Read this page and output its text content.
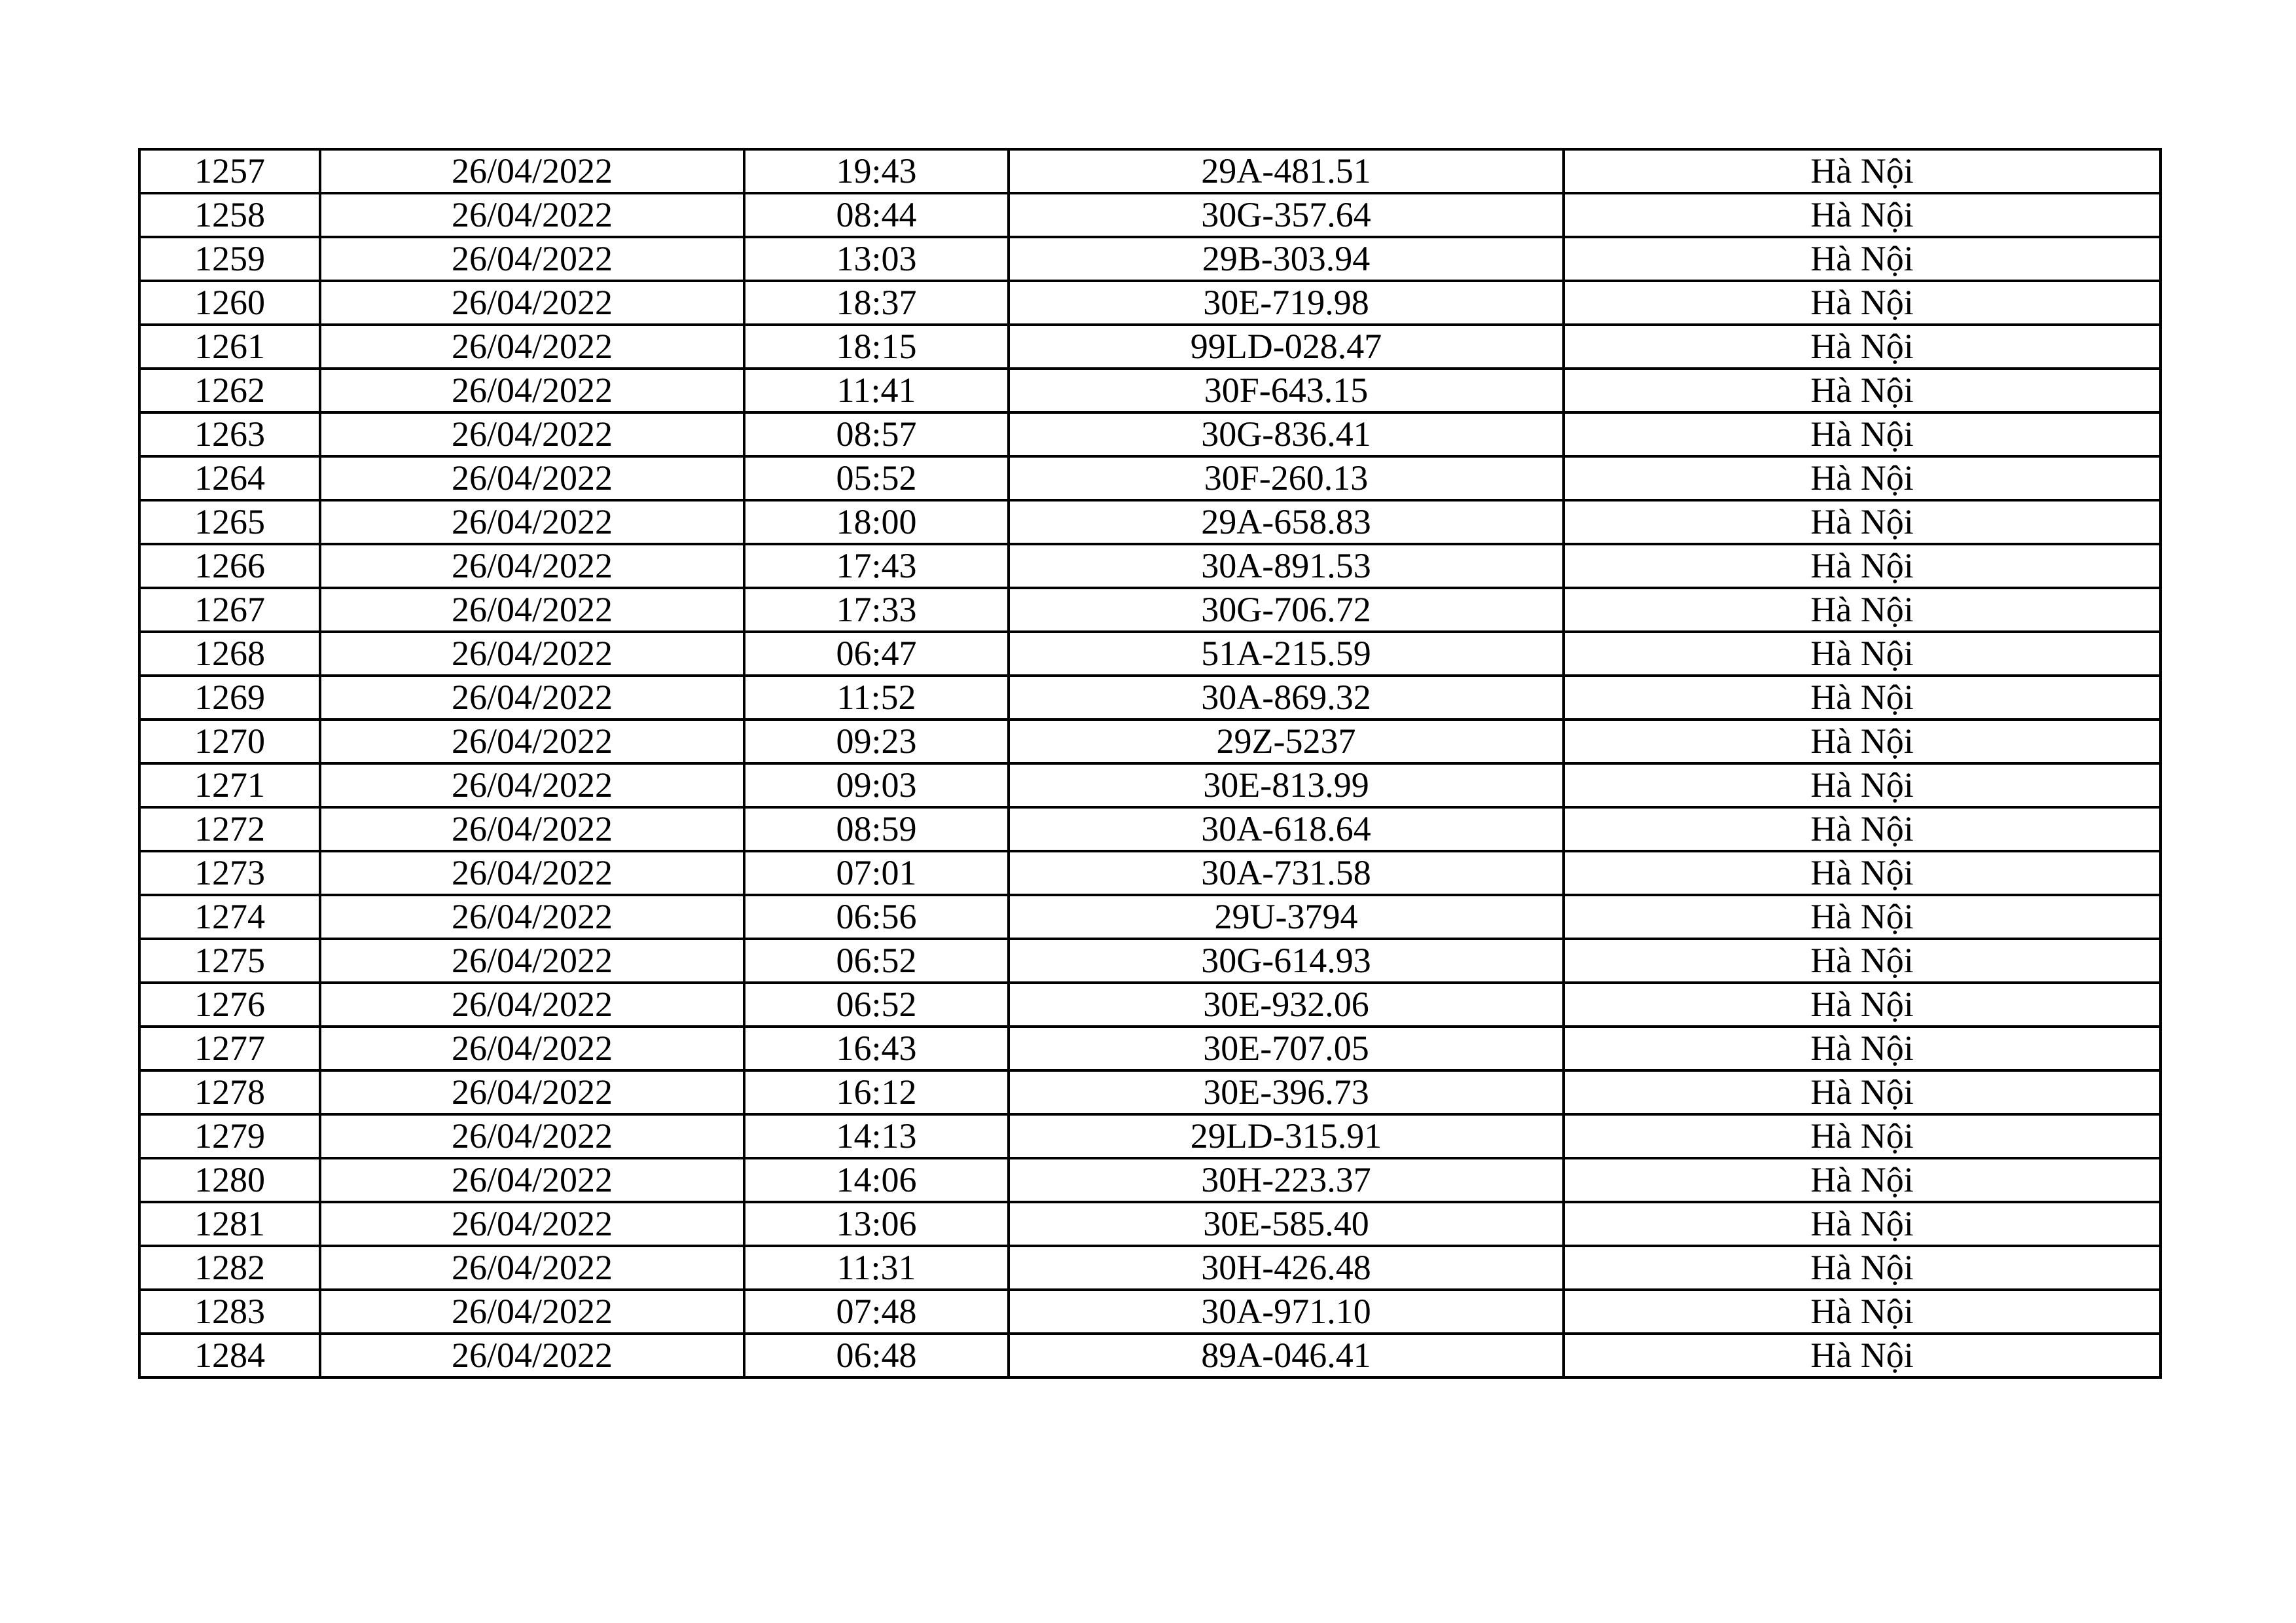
1257	26/04/2022	19:43	29A-481.51	Hà Nội
1258	26/04/2022	08:44	30G-357.64	Hà Nội
1259	26/04/2022	13:03	29B-303.94	Hà Nội
1260	26/04/2022	18:37	30E-719.98	Hà Nội
1261	26/04/2022	18:15	99LD-028.47	Hà Nội
1262	26/04/2022	11:41	30F-643.15	Hà Nội
1263	26/04/2022	08:57	30G-836.41	Hà Nội
1264	26/04/2022	05:52	30F-260.13	Hà Nội
1265	26/04/2022	18:00	29A-658.83	Hà Nội
1266	26/04/2022	17:43	30A-891.53	Hà Nội
1267	26/04/2022	17:33	30G-706.72	Hà Nội
1268	26/04/2022	06:47	51A-215.59	Hà Nội
1269	26/04/2022	11:52	30A-869.32	Hà Nội
1270	26/04/2022	09:23	29Z-5237	Hà Nội
1271	26/04/2022	09:03	30E-813.99	Hà Nội
1272	26/04/2022	08:59	30A-618.64	Hà Nội
1273	26/04/2022	07:01	30A-731.58	Hà Nội
1274	26/04/2022	06:56	29U-3794	Hà Nội
1275	26/04/2022	06:52	30G-614.93	Hà Nội
1276	26/04/2022	06:52	30E-932.06	Hà Nội
1277	26/04/2022	16:43	30E-707.05	Hà Nội
1278	26/04/2022	16:12	30E-396.73	Hà Nội
1279	26/04/2022	14:13	29LD-315.91	Hà Nội
1280	26/04/2022	14:06	30H-223.37	Hà Nội
1281	26/04/2022	13:06	30E-585.40	Hà Nội
1282	26/04/2022	11:31	30H-426.48	Hà Nội
1283	26/04/2022	07:48	30A-971.10	Hà Nội
1284	26/04/2022	06:48	89A-046.41	Hà Nội
